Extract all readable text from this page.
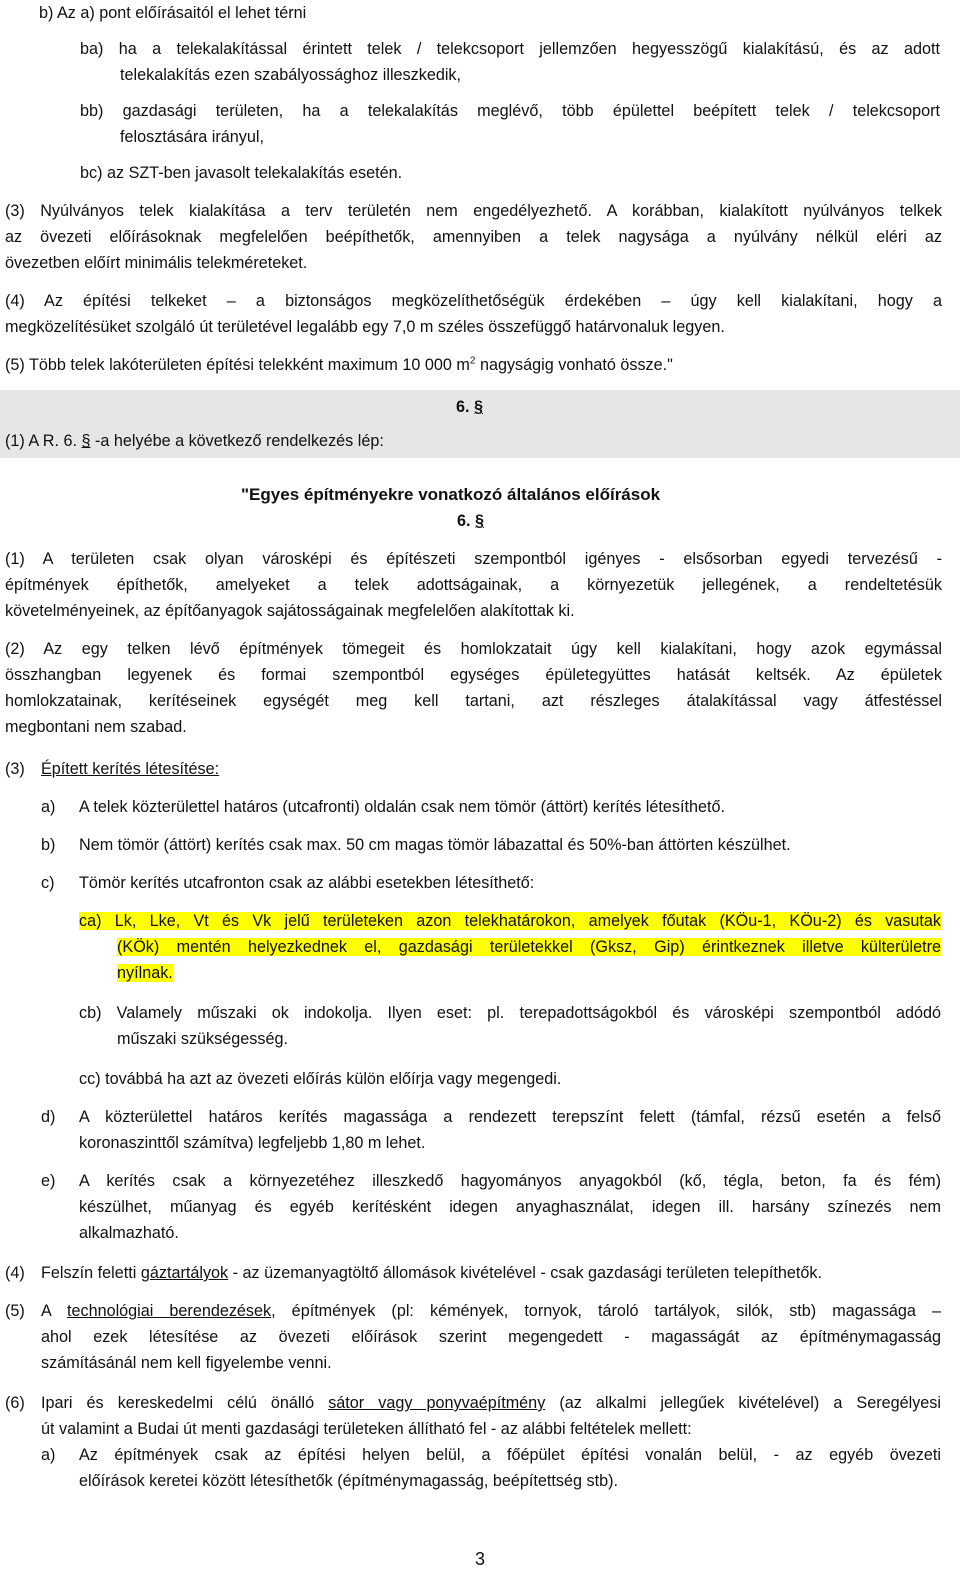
b) Az a) pont előírásaitól el lehet térni
ba) ha a telekalakítással érintett telek / telekcsoport jellemzően hegyesszögű kialakítású, és az adott
telekalakítás ezen szabályossághoz illeszkedik,
bb) gazdasági területen, ha a telekalakítás meglévő, több épülettel beépített telek / telekcsoport
felosztására irányul,
bc) az SZT-ben javasolt telekalakítás esetén.
(3) Nyúlványos telek kialakítása a terv területén nem engedélyezhető. A korábban, kialakított nyúlványos telkek
az övezeti előírásoknak megfelelően beépíthetők, amennyiben a telek nagysága a nyúlvány nélkül eléri az
övezetben előírt minimális telekméreteket.
(4) Az építési telkeket – a biztonságos megközelíthetőségük érdekében – úgy kell kialakítani, hogy a
megközelítésüket szolgáló út területével legalább egy 7,0 m széles összefüggő határvonaluk legyen.
(5) Több telek lakóterületen építési telekként maximum 10 000 $m^2$ nagyságig vonható össze."
6. §
(1) A R. 6. § -a helyébe a következő rendelkezés lép:
"Egyes építményekre vonatkozó általános előírások
6. §
(1) A területen csak olyan városképi és építészeti szempontból igényes - elsősorban egyedi tervezésű -
építmények építhetők, amelyeket a telek adottságainak, a környezetük jellegének, a rendeltetésük
követelményeinek, az építőanyagok sajátosságainak megfelelően alakítottak ki.
(2) Az egy telken lévő építmények tömegeit és homlokzatait úgy kell kialakítani, hogy azok egymással
összhangban legyenek és formai szempontból egységes épületegyüttes hatását keltsék. Az épületek
homlokzatainak, kerítéseinek egységét meg kell tartani, azt részleges átalakítással vagy átfestéssel
megbontani nem szabad.
(3) Épített kerítés létesítése:
a) A telek közterülettel határos (utcafronti) oldalán csak nem tömör (áttört) kerítés létesíthető.
b) Nem tömör (áttört) kerítés csak max. 50 cm magas tömör lábazattal és 50%-ban áttörten készülhet.
c) Tömör kerítés utcafronton csak az alábbi esetekben létesíthető:
ca) Lk, Lke, Vt és Vk jelű területeken azon telekhatárokon, amelyek főutak (KÖu-1, KÖu-2) és vasutak
(KÖk) mentén helyezkednek el, gazdasági területekkel (Gksz, Gip) érintkeznek illetve külterületre
nyílnak.
cb) Valamely műszaki ok indokolja. Ilyen eset: pl. terepadottságokból és városképi szempontból adódó
műszaki szükségesség.
cc) továbbá ha azt az övezeti előírás külön előírja vagy megengedi.
d) A közterülettel határos kerítés magassága a rendezett terepszínt felett (támfal, rézsű esetén a felső
koronaszinttől számítva) legfeljebb 1,80 m lehet.
e) A kerítés csak a környezetéhez illeszkedő hagyományos anyagokból (kő, tégla, beton, fa és fém)
készülhet, műanyag és egyéb kerítésként idegen anyaghasználat, idegen ill. harsány színezés nem
alkalmazható.
(4) Felszín feletti gáztartályok - az üzemanyagtöltő állomások kivételével - csak gazdasági területen telepíthetők.
(5) A technológiai berendezések, építmények (pl: kémények, tornyok, tároló tartályok, silók, stb) magassága –
ahol ezek létesítése az övezeti előírások szerint megengedett - magasságát az építménymagasság
számításánál nem kell figyelembe venni.
(6) Ipari és kereskedelmi célú önálló sátor vagy ponyvaépítmény (az alkalmi jellegűek kivételével) a Seregélyesi
út valamint a Budai út menti gazdasági területeken állítható fel - az alábbi feltételek mellett:
a) Az építmények csak az építési helyen belül, a főépület építési vonalán belül, - az egyéb övezeti
előírások keretei között létesíthetők (építménymagasság, beépítettség stb).
3
